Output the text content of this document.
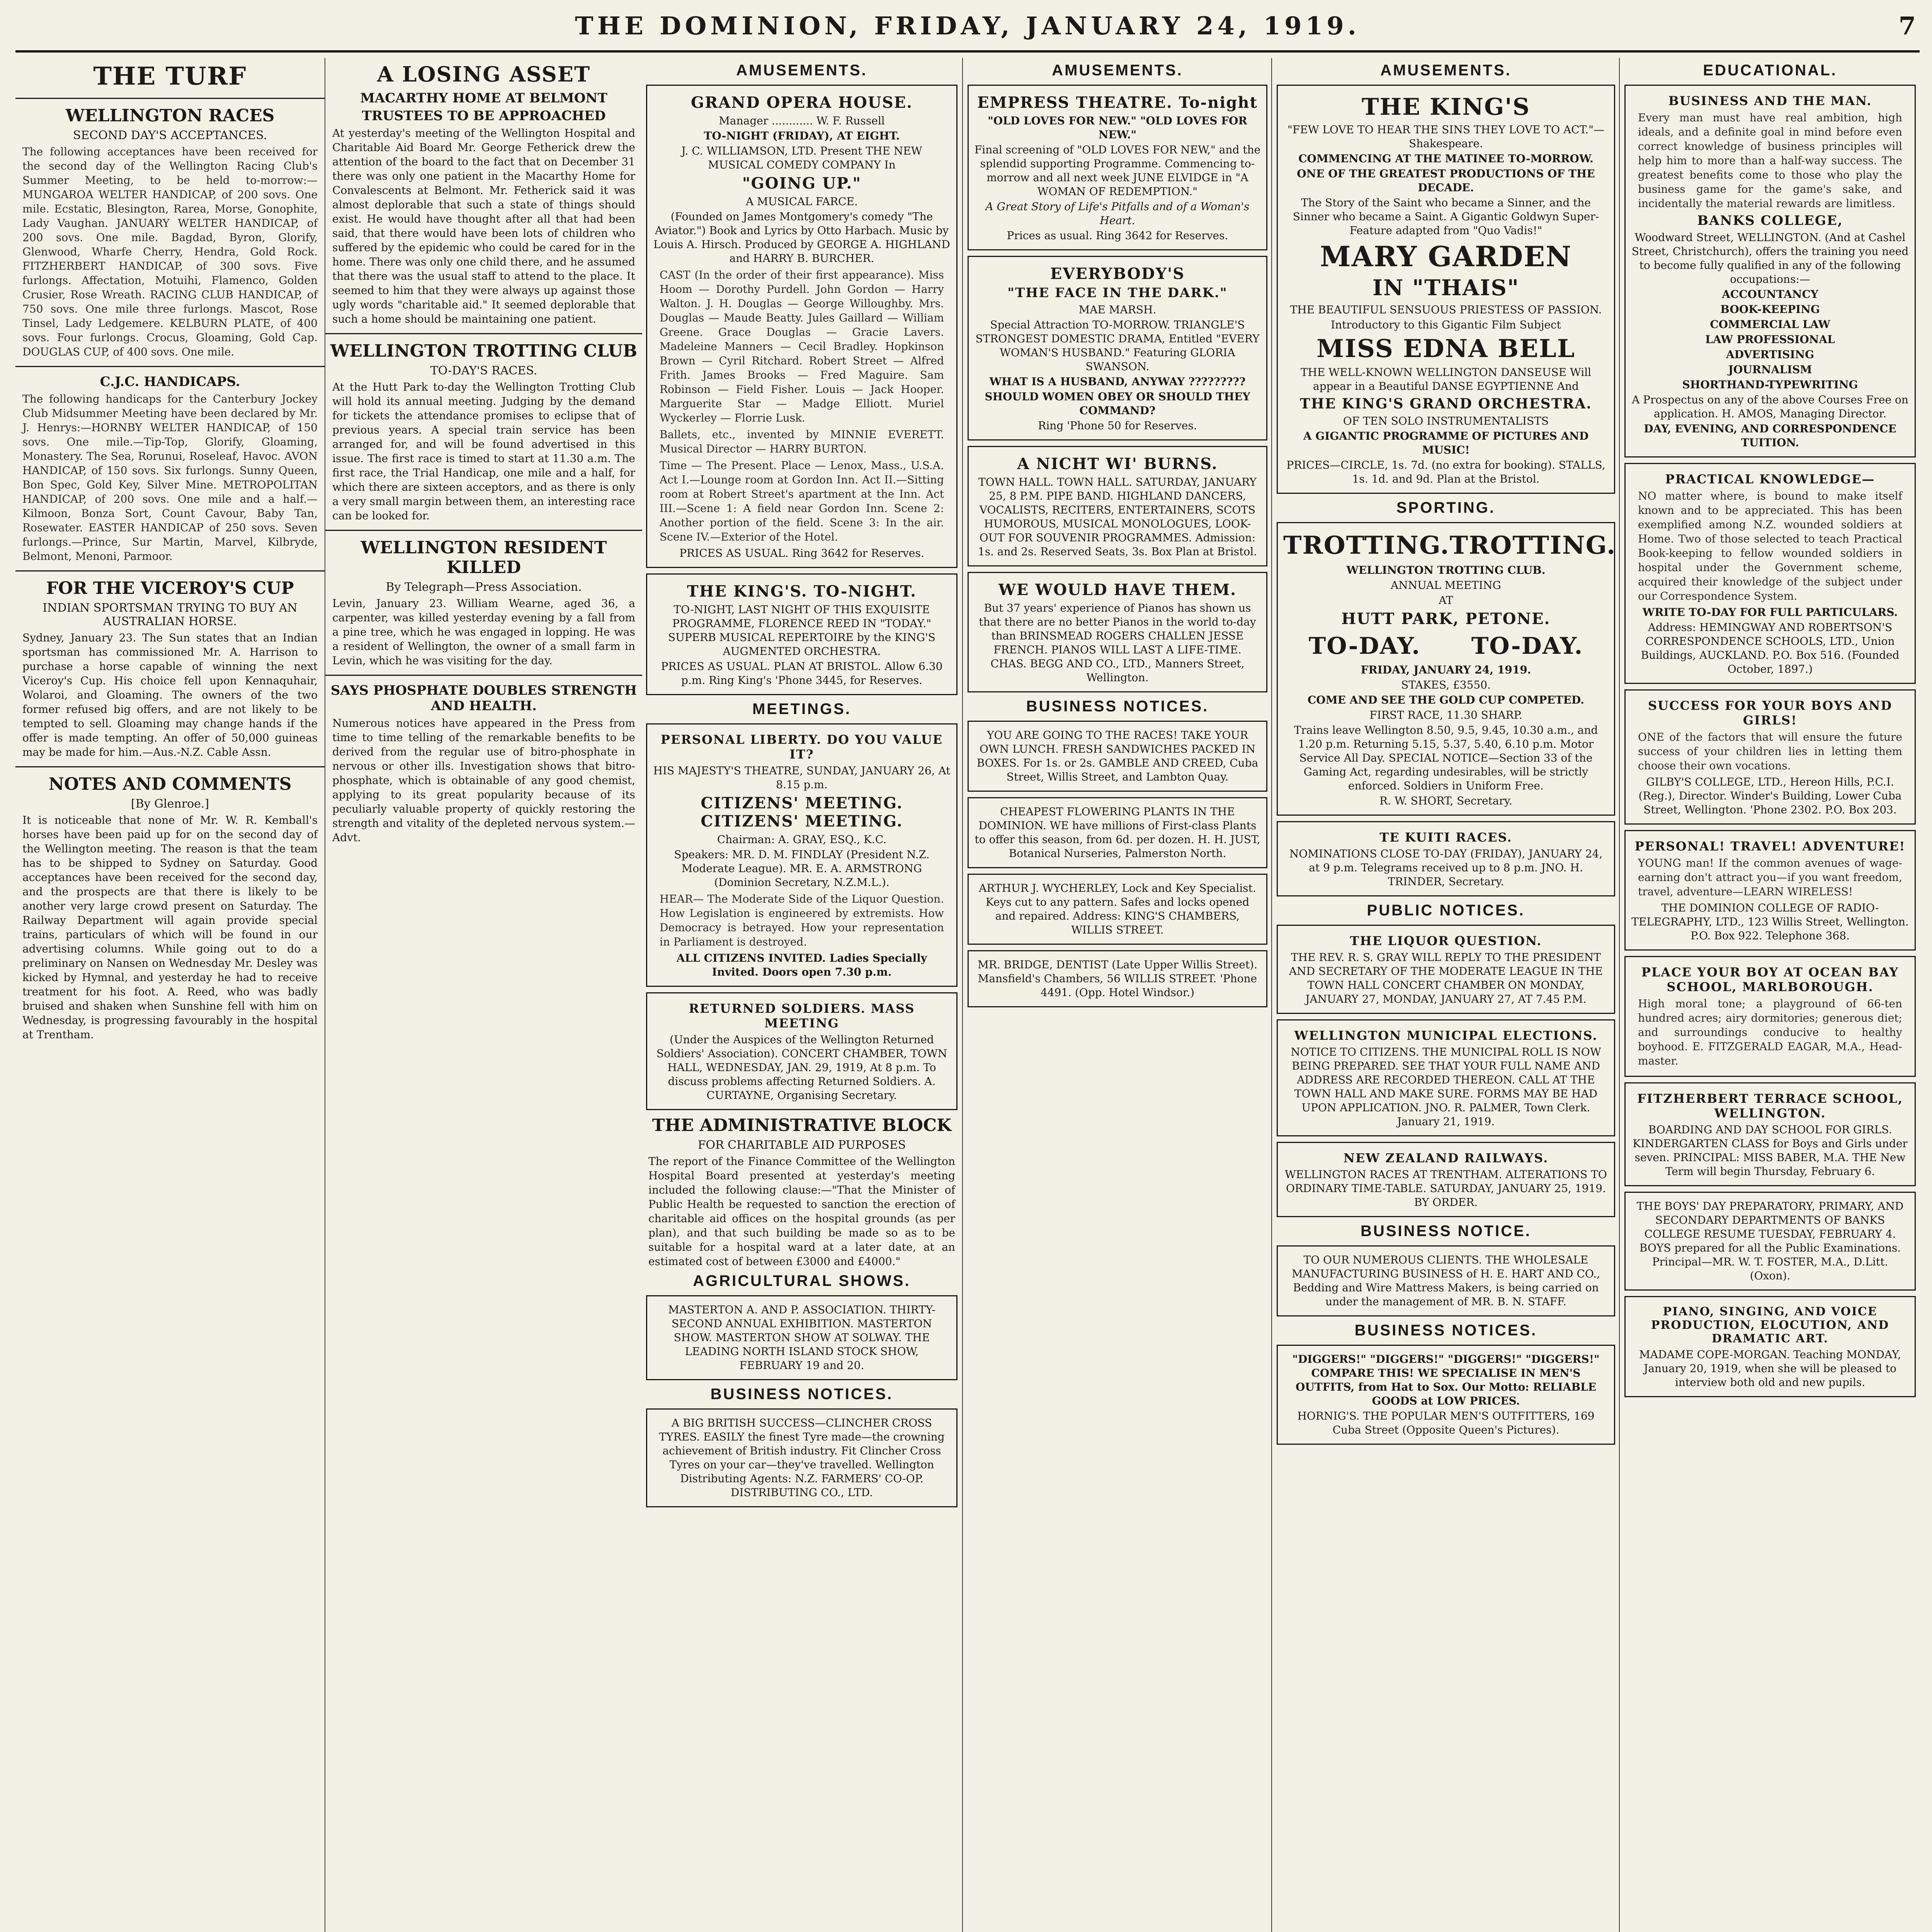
THE DOMINION, FRIDAY, JANUARY 24, 1919.	7
THE TURF
WELLINGTON RACES
SECOND DAY'S ACCEPTANCES.
The following acceptances have been received for the second day of the Wellington Racing Club's Summer Meeting, to be held to-morrow:—MUNGAROA WELTER HANDICAP, of 200 sovs. One mile. Ecstatic, Blesington, Rarea, Morse, Gonophite, Lady Vaughan. JANUARY WELTER HANDICAP, of 200 sovs. One mile. Bagdad, Byron, Glorify, Glenwood, Wharfe Cherry, Hendra, Gold Rock. FITZHERBERT HANDICAP, of 300 sovs. Five furlongs. Affectation, Motuihi, Flamenco, Golden Crusier, Rose Wreath. RACING CLUB HANDICAP, of 750 sovs. One mile three furlongs. Mascot, Rose Tinsel, Lady Ledgemere. KELBURN PLATE, of 400 sovs. Four furlongs. Crocus, Gloaming, Gold Cap. DOUGLAS CUP, of 400 sovs. One mile.
C.J.C. HANDICAPS.
The following handicaps for the Canterbury Jockey Club Midsummer Meeting have been declared by Mr. J. Henrys:—HORNBY WELTER HANDICAP, of 150 sovs. One mile.—Tip-Top, Glorify, Gloaming, Monastery. The Sea, Rorunui, Roseleaf, Havoc. AVON HANDICAP, of 150 sovs. Six furlongs. Sunny Queen, Bon Spec, Gold Key, Silver Mine. METROPOLITAN HANDICAP, of 200 sovs. One mile and a half.—Kilmoon, Bonza Sort, Count Cavour, Baby Tan, Rosewater. EASTER HANDICAP of 250 sovs. Seven furlongs.—Prince, Sur Martin, Marvel, Kilbryde, Belmont, Menoni, Parmoor.
FOR THE VICEROY'S CUP
INDIAN SPORTSMAN TRYING TO BUY AN AUSTRALIAN HORSE.
Sydney, January 23. The Sun states that an Indian sportsman has commissioned Mr. A. Harrison to purchase a horse capable of winning the next Viceroy's Cup. His choice fell upon Kennaquhair, Wolaroi, and Gloaming. The owners of the two former refused big offers, and are not likely to be tempted to sell. Gloaming may change hands if the offer is made tempting. An offer of 50,000 guineas may be made for him.—Aus.-N.Z. Cable Assn.
NOTES AND COMMENTS
[By Glenroe.]
It is noticeable that none of Mr. W. R. Kemball's horses have been paid up for on the second day of the Wellington meeting. The reason is that the team has to be shipped to Sydney on Saturday. Good acceptances have been received for the second day, and the prospects are that there is likely to be another very large crowd present on Saturday. The Railway Department will again provide special trains, particulars of which will be found in our advertising columns. While going out to do a preliminary on Nansen on Wednesday Mr. Desley was kicked by Hymnal, and yesterday he had to receive treatment for his foot. A. Reed, who was badly bruised and shaken when Sunshine fell with him on Wednesday, is progressing favourably in the hospital at Trentham.
A LOSING ASSET
MACARTHY HOME AT BELMONT
TRUSTEES TO BE APPROACHED
At yesterday's meeting of the Wellington Hospital and Charitable Aid Board Mr. George Fetherick drew the attention of the board to the fact that on December 31 there was only one patient in the Macarthy Home for Convalescents at Belmont. Mr. Fetherick said it was almost deplorable that such a state of things should exist. He would have thought after all that had been said, that there would have been lots of children who suffered by the epidemic who could be cared for in the home. There was only one child there, and he assumed that there was the usual staff to attend to the place. It seemed to him that they were always up against those ugly words "charitable aid." It seemed deplorable that such a home should be maintaining one patient.
WELLINGTON TROTTING CLUB
TO-DAY'S RACES.
At the Hutt Park to-day the Wellington Trotting Club will hold its annual meeting. Judging by the demand for tickets the attendance promises to eclipse that of previous years. A special train service has been arranged for, and will be found advertised in this issue. The first race is timed to start at 11.30 a.m. The first race, the Trial Handicap, one mile and a half, for which there are sixteen acceptors, and as there is only a very small margin between them, an interesting race can be looked for.
WELLINGTON RESIDENT KILLED
By Telegraph—Press Association.
Levin, January 23. William Wearne, aged 36, a carpenter, was killed yesterday evening by a fall from a pine tree, which he was engaged in lopping. He was a resident of Wellington, the owner of a small farm in Levin, which he was visiting for the day.
SAYS PHOSPHATE DOUBLES STRENGTH AND HEALTH.
Numerous notices have appeared in the Press from time to time telling of the remarkable benefits to be derived from the regular use of bitro-phosphate in nervous or other ills. Investigation shows that bitro-phosphate, which is obtainable of any good chemist, applying to its great popularity because of its peculiarly valuable property of quickly restoring the strength and vitality of the depleted nervous system.—Advt.
AMUSEMENTS.
GRAND OPERA HOUSE.
Manager ............ W. F. Russell
TO-NIGHT (FRIDAY), AT EIGHT.
J. C. WILLIAMSON, LTD. Present THE NEW MUSICAL COMEDY COMPANY In
"GOING UP."
A MUSICAL FARCE.
(Founded on James Montgomery's comedy "The Aviator.") Book and Lyrics by Otto Harbach. Music by Louis A. Hirsch. Produced by GEORGE A. HIGHLAND and HARRY B. BURCHER.
CAST (In the order of their first appearance). Miss Hoom — Dorothy Purdell. John Gordon — Harry Walton. J. H. Douglas — George Willoughby. Mrs. Douglas — Maude Beatty. Jules Gaillard — William Greene. Grace Douglas — Gracie Lavers. Madeleine Manners — Cecil Bradley. Hopkinson Brown — Cyril Ritchard. Robert Street — Alfred Frith. James Brooks — Fred Maguire. Sam Robinson — Field Fisher. Louis — Jack Hooper. Marguerite Star — Madge Elliott. Muriel Wyckerley — Florrie Lusk.
Ballets, etc., invented by MINNIE EVERETT. Musical Director — HARRY BURTON.
Time — The Present. Place — Lenox, Mass., U.S.A. Act I.—Lounge room at Gordon Inn. Act II.—Sitting room at Robert Street's apartment at the Inn. Act III.—Scene 1: A field near Gordon Inn. Scene 2: Another portion of the field. Scene 3: In the air. Scene IV.—Exterior of the Hotel.
PRICES AS USUAL. Ring 3642 for Reserves.
THE KING'S. TO-NIGHT.
TO-NIGHT, LAST NIGHT OF THIS EXQUISITE PROGRAMME, FLORENCE REED IN "TODAY." SUPERB MUSICAL REPERTOIRE by the KING'S AUGMENTED ORCHESTRA.
PRICES AS USUAL. PLAN AT BRISTOL. Allow 6.30 p.m. Ring King's 'Phone 3445, for Reserves.
MEETINGS.
PERSONAL LIBERTY. DO YOU VALUE IT?
HIS MAJESTY'S THEATRE, SUNDAY, JANUARY 26, At 8.15 p.m.
CITIZENS' MEETING. CITIZENS' MEETING.
Chairman: A. GRAY, ESQ., K.C.
Speakers: MR. D. M. FINDLAY (President N.Z. Moderate League). MR. E. A. ARMSTRONG (Dominion Secretary, N.Z.M.L.).
HEAR— The Moderate Side of the Liquor Question. How Legislation is engineered by extremists. How Democracy is betrayed. How your representation in Parliament is destroyed.
ALL CITIZENS INVITED. Ladies Specially Invited. Doors open 7.30 p.m.
RETURNED SOLDIERS. MASS MEETING
(Under the Auspices of the Wellington Returned Soldiers' Association). CONCERT CHAMBER, TOWN HALL, WEDNESDAY, JAN. 29, 1919, At 8 p.m. To discuss problems affecting Returned Soldiers. A. CURTAYNE, Organising Secretary.
THE ADMINISTRATIVE BLOCK
FOR CHARITABLE AID PURPOSES
The report of the Finance Committee of the Wellington Hospital Board presented at yesterday's meeting included the following clause:—"That the Minister of Public Health be requested to sanction the erection of charitable aid offices on the hospital grounds (as per plan), and that such building be made so as to be suitable for a hospital ward at a later date, at an estimated cost of between £3000 and £4000."
AGRICULTURAL SHOWS.
MASTERTON A. AND P. ASSOCIATION. THIRTY-SECOND ANNUAL EXHIBITION. MASTERTON SHOW. MASTERTON SHOW AT SOLWAY. THE LEADING NORTH ISLAND STOCK SHOW, FEBRUARY 19 and 20.
BUSINESS NOTICES.
A BIG BRITISH SUCCESS—CLINCHER CROSS TYRES. EASILY the finest Tyre made—the crowning achievement of British industry. Fit Clincher Cross Tyres on your car—they've travelled. Wellington Distributing Agents: N.Z. FARMERS' CO-OP. DISTRIBUTING CO., LTD.
AMUSEMENTS.
EMPRESS THEATRE. To-night
"OLD LOVES FOR NEW." "OLD LOVES FOR NEW."
Final screening of "OLD LOVES FOR NEW," and the splendid supporting Programme. Commencing to-morrow and all next week JUNE ELVIDGE in "A WOMAN OF REDEMPTION."
A Great Story of Life's Pitfalls and of a Woman's Heart.
Prices as usual. Ring 3642 for Reserves.
EVERYBODY'S
"THE FACE IN THE DARK."
MAE MARSH.
Special Attraction TO-MORROW. TRIANGLE'S STRONGEST DOMESTIC DRAMA, Entitled "EVERY WOMAN'S HUSBAND." Featuring GLORIA SWANSON.
WHAT IS A HUSBAND, ANYWAY ?????????
SHOULD WOMEN OBEY OR SHOULD THEY COMMAND?
Ring 'Phone 50 for Reserves.
A NICHT WI' BURNS.
TOWN HALL. TOWN HALL. SATURDAY, JANUARY 25, 8 P.M. PIPE BAND. HIGHLAND DANCERS, VOCALISTS, RECITERS, ENTERTAINERS, SCOTS HUMOROUS, MUSICAL MONOLOGUES, LOOK-OUT FOR SOUVENIR PROGRAMMES. Admission: 1s. and 2s. Reserved Seats, 3s. Box Plan at Bristol.
WE WOULD HAVE THEM.
But 37 years' experience of Pianos has shown us that there are no better Pianos in the world to-day than BRINSMEAD ROGERS CHALLEN JESSE FRENCH. PIANOS WILL LAST A LIFE-TIME. CHAS. BEGG AND CO., LTD., Manners Street, Wellington.
BUSINESS NOTICES.
YOU ARE GOING TO THE RACES! TAKE YOUR OWN LUNCH. FRESH SANDWICHES PACKED IN BOXES. For 1s. or 2s. GAMBLE AND CREED, Cuba Street, Willis Street, and Lambton Quay.
CHEAPEST FLOWERING PLANTS IN THE DOMINION. WE have millions of First-class Plants to offer this season, from 6d. per dozen. H. H. JUST, Botanical Nurseries, Palmerston North.
ARTHUR J. WYCHERLEY, Lock and Key Specialist. Keys cut to any pattern. Safes and locks opened and repaired. Address: KING'S CHAMBERS, WILLIS STREET.
MR. BRIDGE, DENTIST (Late Upper Willis Street). Mansfield's Chambers, 56 WILLIS STREET. 'Phone 4491. (Opp. Hotel Windsor.)
AMUSEMENTS.
THE KING'S
"FEW LOVE TO HEAR THE SINS THEY LOVE TO ACT."—Shakespeare.
COMMENCING AT THE MATINEE TO-MORROW.
ONE OF THE GREATEST PRODUCTIONS OF THE DECADE.
The Story of the Saint who became a Sinner, and the Sinner who became a Saint. A Gigantic Goldwyn Super-Feature adapted from "Quo Vadis!"
MARY GARDEN
IN "THAIS"
THE BEAUTIFUL SENSUOUS PRIESTESS OF PASSION.
Introductory to this Gigantic Film Subject
MISS EDNA BELL
THE WELL-KNOWN WELLINGTON DANSEUSE Will appear in a Beautiful DANSE EGYPTIENNE And
THE KING'S GRAND ORCHESTRA.
OF TEN SOLO INSTRUMENTALISTS
A GIGANTIC PROGRAMME OF PICTURES AND MUSIC!
PRICES—CIRCLE, 1s. 7d. (no extra for booking). STALLS, 1s. 1d. and 9d. Plan at the Bristol.
SPORTING.
TROTTING. TROTTING.
WELLINGTON TROTTING CLUB.
ANNUAL MEETING
AT
HUTT PARK, PETONE.
TO-DAY. TO-DAY.
FRIDAY, JANUARY 24, 1919.
STAKES, £3550.
COME AND SEE THE GOLD CUP COMPETED.
FIRST RACE, 11.30 SHARP.
Trains leave Wellington 8.50, 9.5, 9.45, 10.30 a.m., and 1.20 p.m. Returning 5.15, 5.37, 5.40, 6.10 p.m. Motor Service All Day. SPECIAL NOTICE—Section 33 of the Gaming Act, regarding undesirables, will be strictly enforced. Soldiers in Uniform Free.
R. W. SHORT, Secretary.
TE KUITI RACES.
NOMINATIONS CLOSE TO-DAY (FRIDAY), JANUARY 24, at 9 p.m. Telegrams received up to 8 p.m. JNO. H. TRINDER, Secretary.
PUBLIC NOTICES.
THE LIQUOR QUESTION.
THE REV. R. S. GRAY WILL REPLY TO THE PRESIDENT AND SECRETARY OF THE MODERATE LEAGUE IN THE TOWN HALL CONCERT CHAMBER ON MONDAY, JANUARY 27, MONDAY, JANUARY 27, AT 7.45 P.M.
WELLINGTON MUNICIPAL ELECTIONS.
NOTICE TO CITIZENS. THE MUNICIPAL ROLL IS NOW BEING PREPARED. SEE THAT YOUR FULL NAME AND ADDRESS ARE RECORDED THEREON. CALL AT THE TOWN HALL AND MAKE SURE. FORMS MAY BE HAD UPON APPLICATION. JNO. R. PALMER, Town Clerk. January 21, 1919.
NEW ZEALAND RAILWAYS.
WELLINGTON RACES AT TRENTHAM. ALTERATIONS TO ORDINARY TIME-TABLE. SATURDAY, JANUARY 25, 1919. BY ORDER.
BUSINESS NOTICE.
TO OUR NUMEROUS CLIENTS. THE WHOLESALE MANUFACTURING BUSINESS of H. E. HART AND CO., Bedding and Wire Mattress Makers, is being carried on under the management of MR. B. N. STAFF.
BUSINESS NOTICES.
"DIGGERS!" "DIGGERS!" "DIGGERS!" "DIGGERS!" COMPARE THIS! WE SPECIALISE IN MEN'S OUTFITS, from Hat to Sox. Our Motto: RELIABLE GOODS at LOW PRICES.
HORNIG'S. THE POPULAR MEN'S OUTFITTERS, 169 Cuba Street (Opposite Queen's Pictures).
EDUCATIONAL.
BUSINESS AND THE MAN.
Every man must have real ambition, high ideals, and a definite goal in mind before even correct knowledge of business principles will help him to more than a half-way success. The greatest benefits come to those who play the business game for the game's sake, and incidentally the material rewards are limitless.
BANKS COLLEGE,
Woodward Street, WELLINGTON. (And at Cashel Street, Christchurch), offers the training you need to become fully qualified in any of the following occupations:—
ACCOUNTANCY
BOOK-KEEPING
COMMERCIAL LAW
LAW PROFESSIONAL
ADVERTISING
JOURNALISM
SHORTHAND-TYPEWRITING
A Prospectus on any of the above Courses Free on application. H. AMOS, Managing Director.
DAY, EVENING, AND CORRESPONDENCE TUITION.
PRACTICAL KNOWLEDGE—
NO matter where, is bound to make itself known and to be appreciated. This has been exemplified among N.Z. wounded soldiers at Home. Two of those selected to teach Practical Book-keeping to fellow wounded soldiers in hospital under the Government scheme, acquired their knowledge of the subject under our Correspondence System.
WRITE TO-DAY FOR FULL PARTICULARS.
Address: HEMINGWAY AND ROBERTSON'S CORRESPONDENCE SCHOOLS, LTD., Union Buildings, AUCKLAND. P.O. Box 516. (Founded October, 1897.)
SUCCESS FOR YOUR BOYS AND GIRLS!
ONE of the factors that will ensure the future success of your children lies in letting them choose their own vocations.
GILBY'S COLLEGE, LTD., Hereon Hills, P.C.I. (Reg.), Director. Winder's Building, Lower Cuba Street, Wellington. 'Phone 2302. P.O. Box 203.
PERSONAL! TRAVEL! ADVENTURE!
YOUNG man! If the common avenues of wage-earning don't attract you—if you want freedom, travel, adventure—LEARN WIRELESS!
THE DOMINION COLLEGE OF RADIO-TELEGRAPHY, LTD., 123 Willis Street, Wellington. P.O. Box 922. Telephone 368.
PLACE YOUR BOY AT OCEAN BAY SCHOOL, MARLBOROUGH.
High moral tone; a playground of 66-ten hundred acres; airy dormitories; generous diet; and surroundings conducive to healthy boyhood. E. FITZGERALD EAGAR, M.A., Head-master.
FITZHERBERT TERRACE SCHOOL, WELLINGTON.
BOARDING AND DAY SCHOOL FOR GIRLS. KINDERGARTEN CLASS for Boys and Girls under seven. PRINCIPAL: MISS BABER, M.A. THE New Term will begin Thursday, February 6.
THE BOYS' DAY PREPARATORY, PRIMARY, AND SECONDARY DEPARTMENTS OF BANKS COLLEGE RESUME TUESDAY, FEBRUARY 4. BOYS prepared for all the Public Examinations. Principal—MR. W. T. FOSTER, M.A., D.Litt. (Oxon).
PIANO, SINGING, AND VOICE PRODUCTION, ELOCUTION, AND DRAMATIC ART.
MADAME COPE-MORGAN. Teaching MONDAY, January 20, 1919, when she will be pleased to interview both old and new pupils.
